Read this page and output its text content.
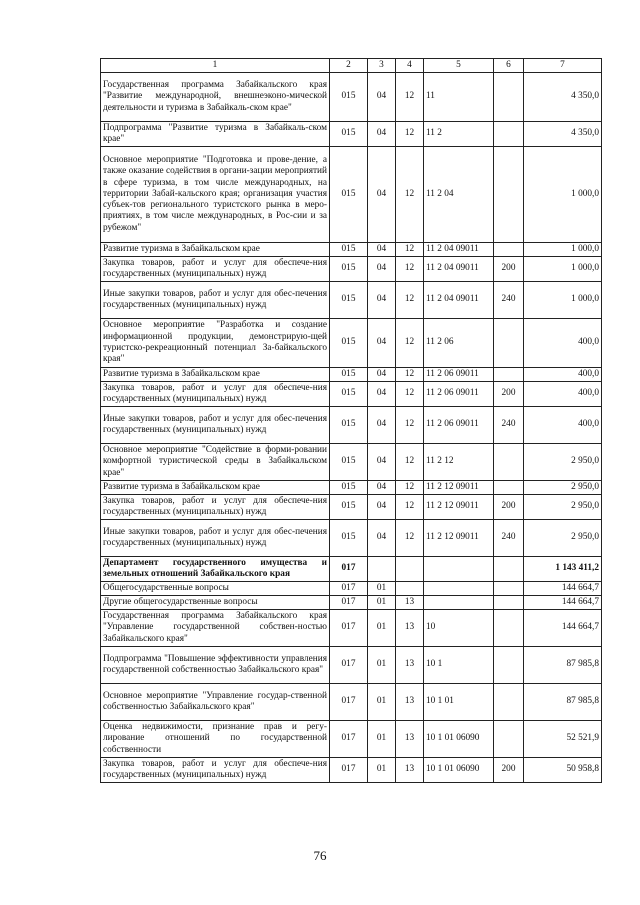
1	2	3	4	5	6	7
Государственная программа Забайкальского края "Развитие международной, внешнеэконо-мической деятельности и туризма в Забайкаль-ском крае"	015	04	12	11		4 350,0
Подпрограмма "Развитие туризма в Забайкаль-ском крае"	015	04	12	11 2		4 350,0
Основное мероприятие "Подготовка и прове-дение, а также оказание содействия в органи-зации мероприятий в сфере туризма, в том числе международных, на территории Забай-кальского края; организация участия субъек-тов регионального туристского рынка в меро-приятиях, в том числе международных, в Рос-сии и за рубежом"	015	04	12	11 2 04		1 000,0
Развитие туризма в Забайкальском крае	015	04	12	11 2 04 09011		1 000,0
Закупка товаров, работ и услуг для обеспече-ния государственных (муниципальных) нужд	015	04	12	11 2 04 09011	200	1 000,0
Иные закупки товаров, работ и услуг для обес-печения государственных (муниципальных) нужд	015	04	12	11 2 04 09011	240	1 000,0
Основное мероприятие "Разработка и создание информационной продукции, демонстрирую-щей туристско-рекреационный потенциал За-байкальского края"	015	04	12	11 2 06		400,0
Развитие туризма в Забайкальском крае	015	04	12	11 2 06 09011		400,0
Закупка товаров, работ и услуг для обеспече-ния государственных (муниципальных) нужд	015	04	12	11 2 06 09011	200	400,0
Иные закупки товаров, работ и услуг для обес-печения государственных (муниципальных) нужд	015	04	12	11 2 06 09011	240	400,0
Основное мероприятие "Содействие в форми-ровании комфортной туристической среды в Забайкальском крае"	015	04	12	11 2 12		2 950,0
Развитие туризма в Забайкальском крае	015	04	12	11 2 12 09011		2 950,0
Закупка товаров, работ и услуг для обеспече-ния государственных (муниципальных) нужд	015	04	12	11 2 12 09011	200	2 950,0
Иные закупки товаров, работ и услуг для обес-печения государственных (муниципальных) нужд	015	04	12	11 2 12 09011	240	2 950,0
Департамент государственного имущества и земельных отношений Забайкальского края	017					1 143 411,2
Общегосударственные вопросы	017	01				144 664,7
Другие общегосударственные вопросы	017	01	13			144 664,7
Государственная программа Забайкальского края "Управление государственной собствен-ностью Забайкальского края"	017	01	13	10		144 664,7
Подпрограмма "Повышение эффективности управления государственной собственностью Забайкальского края"	017	01	13	10 1		87 985,8
Основное мероприятие "Управление государ-ственной собственностью Забайкальского края"	017	01	13	10 1 01		87 985,8
Оценка недвижимости, признание прав и регу-лирование отношений по государственной собственности	017	01	13	10 1 01 06090		52 521,9
Закупка товаров, работ и услуг для обеспече-ния государственных (муниципальных) нужд	017	01	13	10 1 01 06090	200	50 958,8
76
